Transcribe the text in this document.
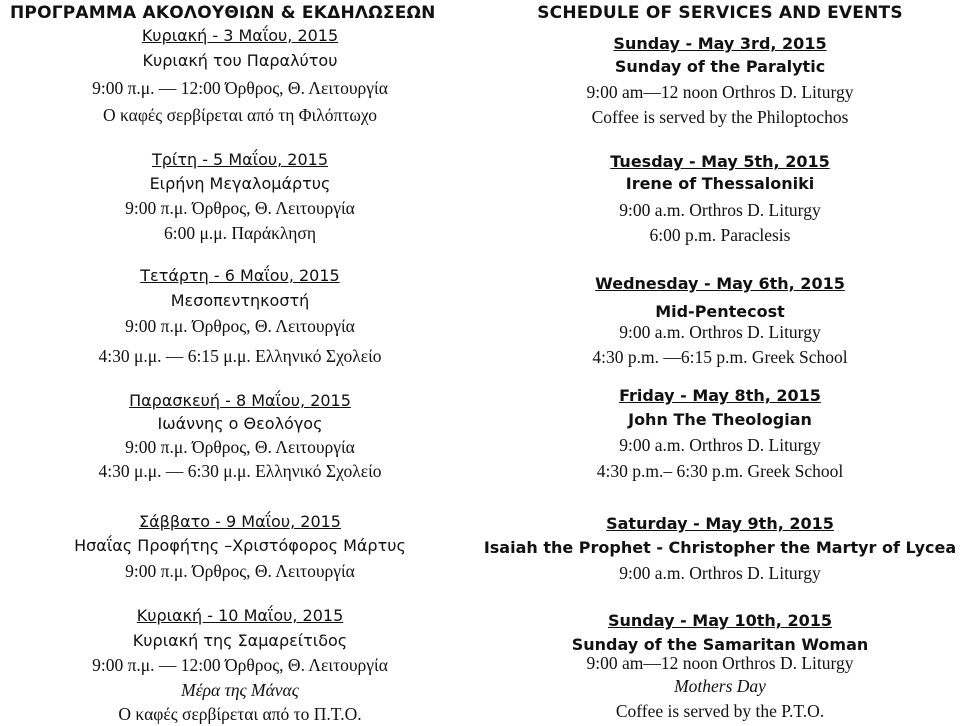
ΠΡΟΓΡΑΜΜΑ ΑΚΟΛΟΥΘΙΩΝ & ΕΚΔΗΛΩΣΕΩΝ
Κυριακή - 3 Μαΐου, 2015
Κυριακή του Παραλύτου
9:00 π.μ. — 12:00 Όρθρος, Θ. Λειτουργία
Ο καφές σερβίρεται από τη Φιλόπτωχο
Τρίτη - 5 Μαΐου, 2015
Ειρήνη Μεγαλομάρτυς
9:00 π.μ. Όρθρος, Θ. Λειτουργία
6:00 μ.μ. Παράκληση
Τετάρτη - 6 Μαΐου, 2015
Μεσοπεντηκοστή
9:00 π.μ. Όρθρος, Θ. Λειτουργία
4:30 μ.μ. — 6:15 μ.μ. Ελληνικό Σχολείο
Παρασκευή - 8 Μαΐου, 2015
Ιωάννης ο Θεολόγος
9:00 π.μ. Όρθρος, Θ. Λειτουργία
4:30 μ.μ. — 6:30 μ.μ. Ελληνικό Σχολείο
Σάββατο - 9 Μαΐου, 2015
Ησαΐας Προφήτης –Χριστόφορος Μάρτυς
9:00 π.μ. Όρθρος, Θ. Λειτουργία
Κυριακή - 10 Μαΐου, 2015
Κυριακή της Σαμαρείτιδος
9:00 π.μ. — 12:00 Όρθρος, Θ. Λειτουργία
Μέρα της Μάνας
Ο καφές σερβίρεται από το Π.Τ.Ο.
SCHEDULE OF SERVICES AND EVENTS
Sunday - May 3rd, 2015
Sunday of the Paralytic
9:00 am—12 noon Orthros D. Liturgy
Coffee is served by the Philoptochos
Tuesday - May 5th, 2015
Irene of Thessaloniki
9:00 a.m. Orthros D. Liturgy
6:00 p.m. Paraclesis
Wednesday - May 6th, 2015
Mid-Pentecost
9:00 a.m. Orthros D. Liturgy
4:30 p.m. —6:15 p.m. Greek School
Friday - May 8th, 2015
John The Theologian
9:00 a.m. Orthros D. Liturgy
4:30 p.m.– 6:30 p.m. Greek School
Saturday - May 9th, 2015
Isaiah the Prophet - Christopher the Martyr of Lycea
9:00 a.m. Orthros D. Liturgy
Sunday - May 10th, 2015
Sunday of the Samaritan Woman
9:00 am—12 noon Orthros D. Liturgy
Mothers Day
Coffee is served by the P.T.O.
